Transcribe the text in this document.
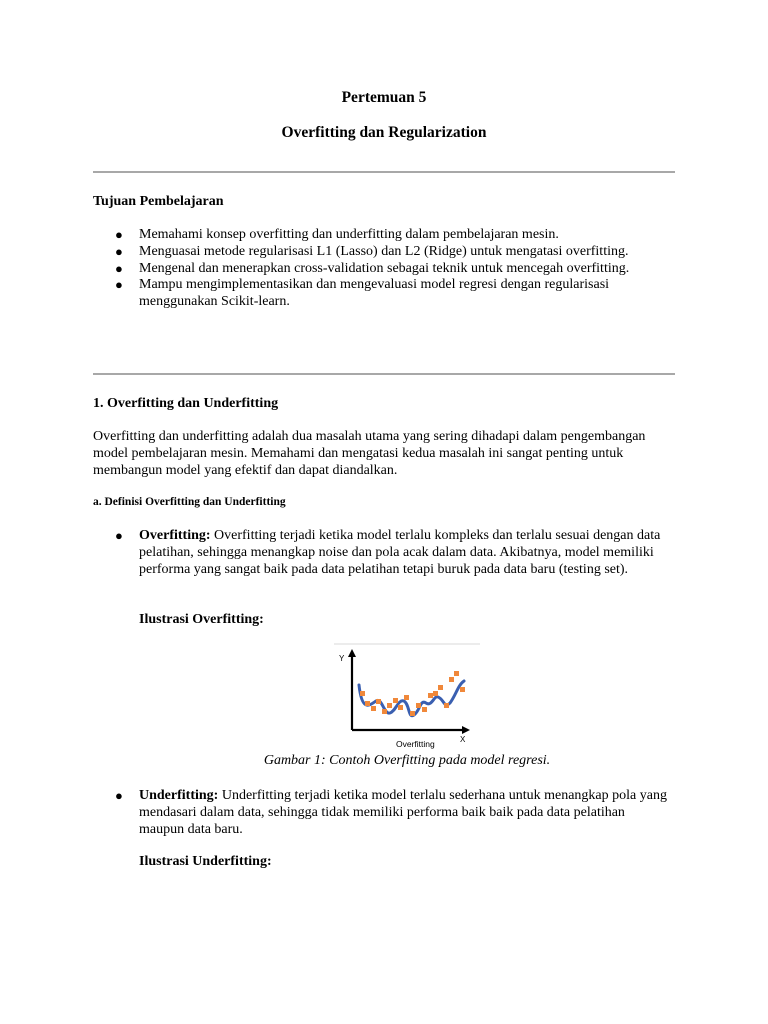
Pertemuan 5
Overfitting dan Regularization
Tujuan Pembelajaran
● Memahami konsep overfitting dan underfitting dalam pembelajaran mesin.
● Menguasai metode regularisasi L1 (Lasso) dan L2 (Ridge) untuk mengatasi overfitting.
● Mengenal dan menerapkan cross-validation sebagai teknik untuk mencegah overfitting.
● Mampu mengimplementasikan dan mengevaluasi model regresi dengan regularisasi menggunakan Scikit-learn.
1. Overfitting dan Underfitting
Overfitting dan underfitting adalah dua masalah utama yang sering dihadapi dalam pengembangan model pembelajaran mesin. Memahami dan mengatasi kedua masalah ini sangat penting untuk membangun model yang efektif dan dapat diandalkan.
a. Definisi Overfitting dan Underfitting
● Overfitting: Overfitting terjadi ketika model terlalu kompleks dan terlalu sesuai dengan data pelatihan, sehingga menangkap noise dan pola acak dalam data. Akibatnya, model memiliki performa yang sangat baik pada data pelatihan tetapi buruk pada data baru (testing set).
Ilustrasi Overfitting:
Y
X
Overfitting
Gambar 1: Contoh Overfitting pada model regresi.
● Underfitting: Underfitting terjadi ketika model terlalu sederhana untuk menangkap pola yang mendasari dalam data, sehingga tidak memiliki performa baik baik pada data pelatihan maupun data baru.
Ilustrasi Underfitting:
